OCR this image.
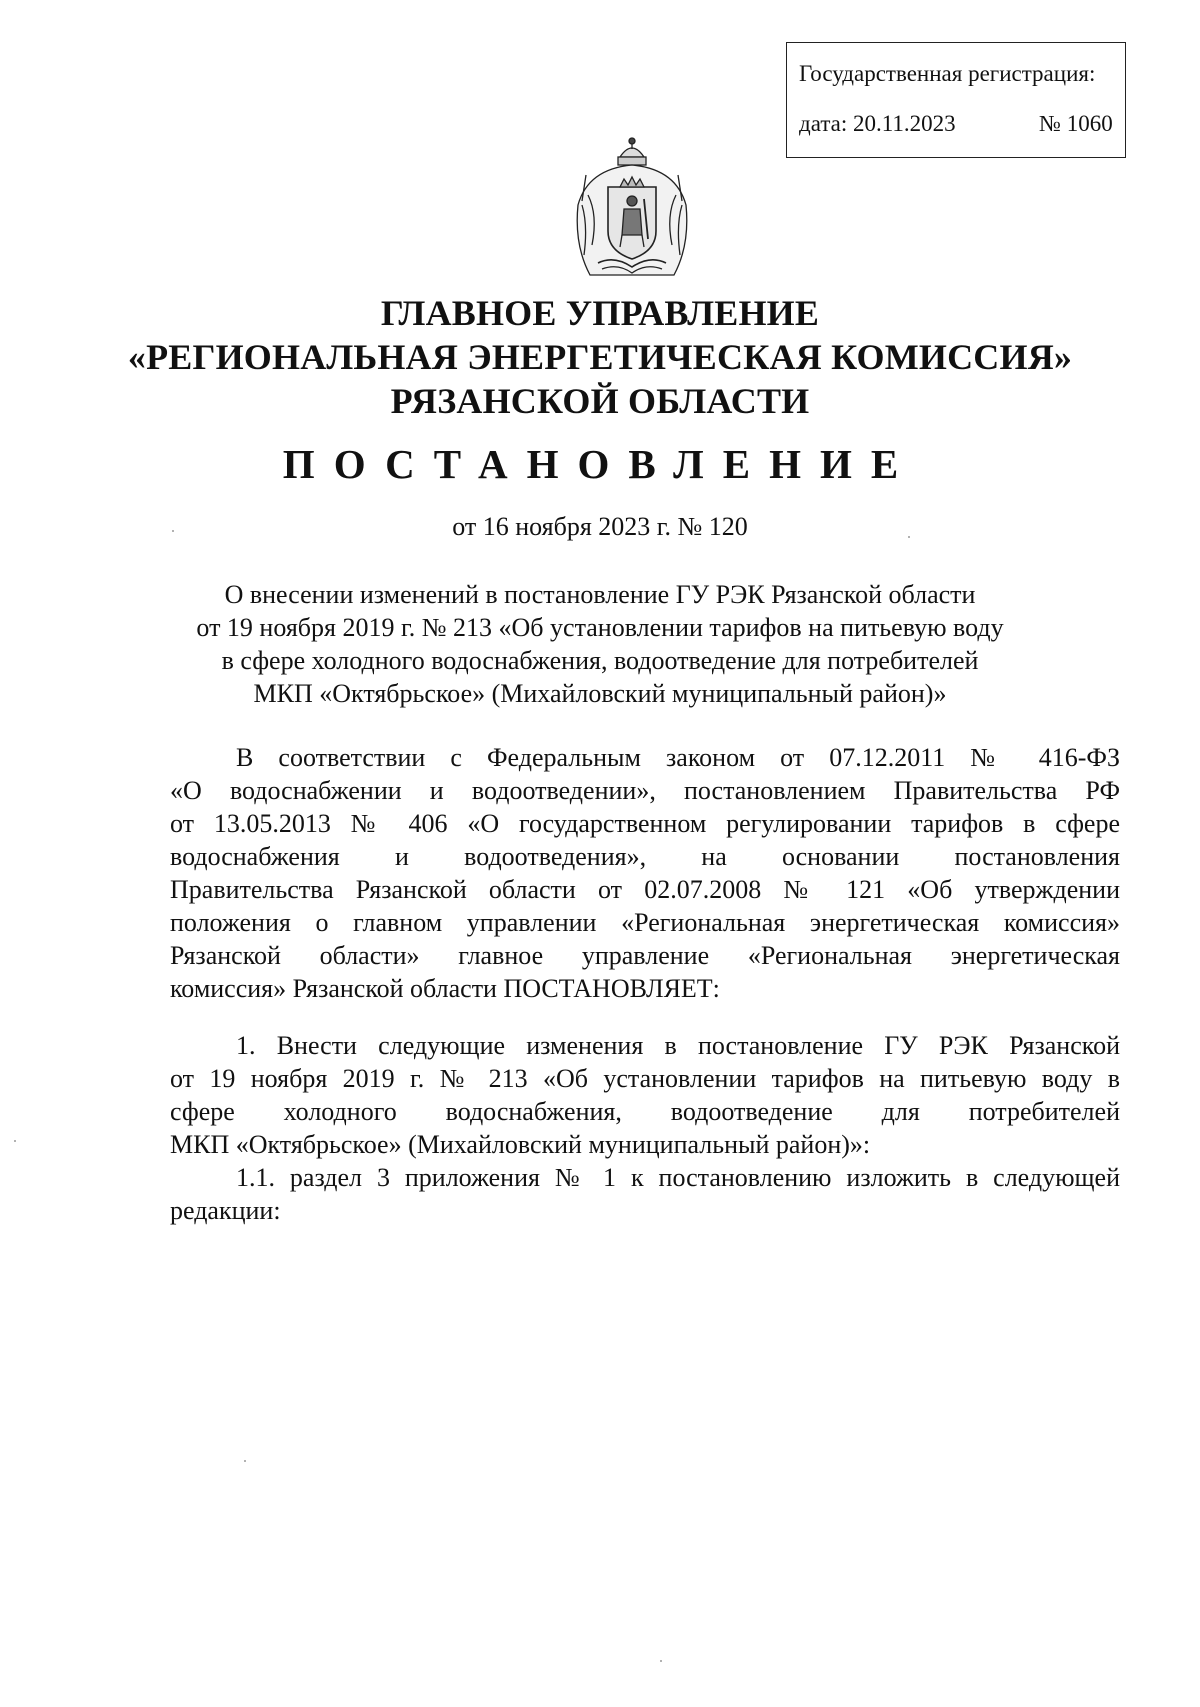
Государственная регистрация:
дата: 20.11.2023	№ 1060
ГЛАВНОЕ УПРАВЛЕНИЕ
«РЕГИОНАЛЬНАЯ ЭНЕРГЕТИЧЕСКАЯ КОМИССИЯ»
РЯЗАНСКОЙ ОБЛАСТИ
ПОСТАНОВЛЕНИЕ
от 16 ноября 2023 г. № 120
О внесении изменений в постановление ГУ РЭК Рязанской области
от 19 ноября 2019 г. № 213 «Об установлении тарифов на питьевую воду
в сфере холодного водоснабжения, водоотведение для потребителей
МКП «Октябрьское» (Михайловский муниципальный район)»
В соответствии с Федеральным законом от 07.12.2011 № 416-ФЗ
«О водоснабжении и водоотведении», постановлением Правительства РФ
от 13.05.2013 № 406 «О государственном регулировании тарифов в сфере
водоснабжения и водоотведения», на основании постановления
Правительства Рязанской области от 02.07.2008 № 121 «Об утверждении
положения о главном управлении «Региональная энергетическая комиссия»
Рязанской области» главное управление «Региональная энергетическая
комиссия» Рязанской области ПОСТАНОВЛЯЕТ:
1. Внести следующие изменения в постановление ГУ РЭК Рязанской
от 19 ноября 2019 г. № 213 «Об установлении тарифов на питьевую воду в
сфере холодного водоснабжения, водоотведение для потребителей
МКП «Октябрьское» (Михайловский муниципальный район)»:
1.1. раздел 3 приложения № 1 к постановлению изложить в следующей
редакции:
